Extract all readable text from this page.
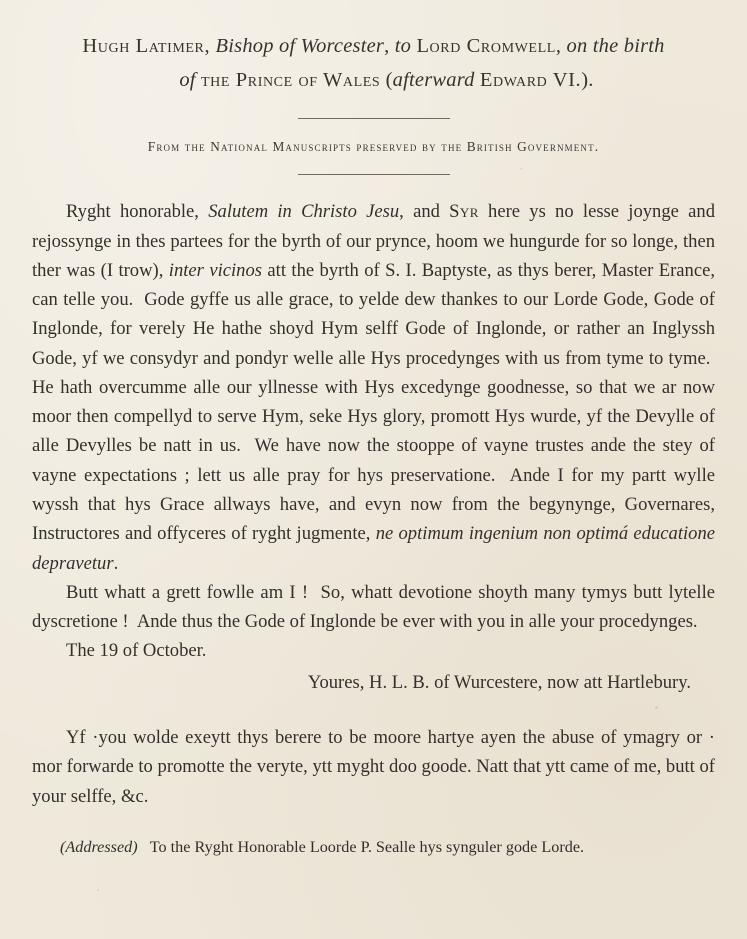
Hugh Latimer, Bishop of Worcester, to Lord Cromwell, on the birth
of the Prince of Wales (afterward Edward VI.).
From the National Manuscripts preserved by the British Government.

Ryght honorable, Salutem in Christo Jesu, and Syr here ys no lesse joynge and rejossynge in thes partees for the byrth of our prynce, hoom we hungurde for so longe, then ther was (I trow), inter vicinos att the byrth of S. I. Baptyste, as thys berer, Master Erance, can telle you.  Gode gyffe us alle grace, to yelde dew thankes to our Lorde Gode, Gode of Inglonde, for verely He hathe shoyd Hym selff Gode of Inglonde, or rather an Inglyssh Gode, yf we consydyr and pondyr welle alle Hys procedynges with us from tyme to tyme.  He hath overcumme alle our yllnesse with Hys excedynge goodnesse, so that we ar now moor then compellyd to serve Hym, seke Hys glory, promott Hys wurde, yf the Devylle of alle Devylles be natt in us.  We have now the stooppe of vayne trustes ande the stey of vayne expectations ; lett us alle pray for hys preservatione.  Ande I for my partt wylle wyssh that hys Grace allways have, and evyn now from the begynynge, Governares, Instructores and offyceres of ryght jugmente, ne optimum ingenium non optimá educatione depravetur.

Butt whatt a grett fowlle am I !  So, whatt devotione shoyth many tymys butt lytelle dyscretione !  Ande thus the Gode of Inglonde be ever with you in alle your procedynges.

The 19 of October.

Youres, H. L. B. of Wurcestere, now att Hartlebury.

Yf ·you wolde exeytt thys berere to be moore hartye ayen the abuse of ymagry or · mor forwarde to promotte the veryte, ytt myght doo goode. Natt that ytt came of me, butt of your selffe, &c.

(Addressed) To the Ryght Honorable Loorde P. Sealle hys synguler gode Lorde.
